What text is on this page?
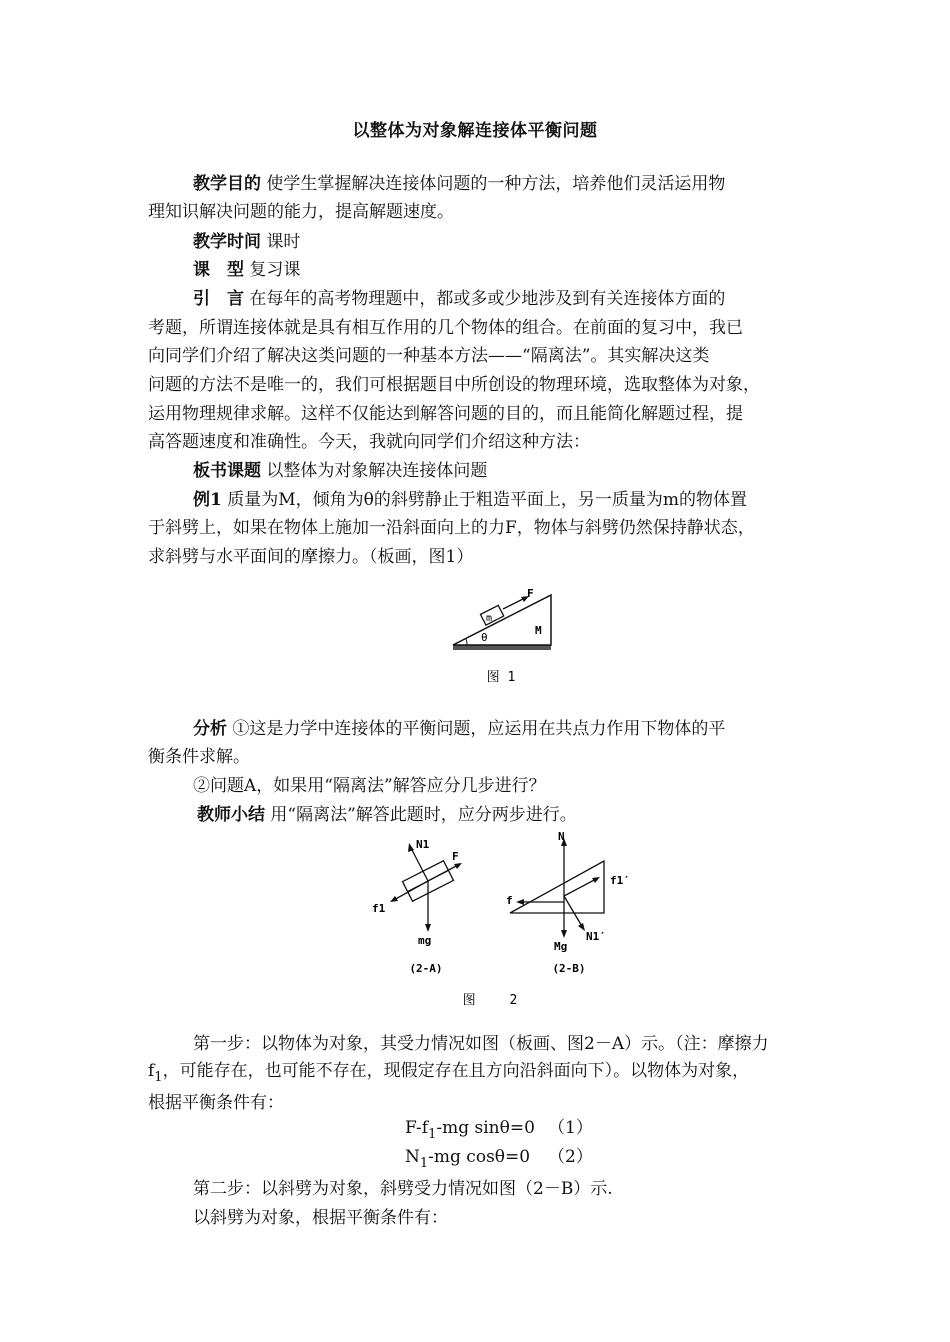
以整体为对象解连接体平衡问题
教学目的 使学生掌握解决连接体问题的一种方法，培养他们灵活运用物
理知识解决问题的能力，提高解题速度。
教学时间 课时
课　型 复习课
引　言 在每年的高考物理题中，都或多或少地涉及到有关连接体方面的
考题，所谓连接体就是具有相互作用的几个物体的组合。在前面的复习中，我已
向同学们介绍了解决这类问题的一种基本方法——“隔离法”。其实解决这类
问题的方法不是唯一的，我们可根据题目中所创设的物理环境，选取整体为对象，
运用物理规律求解。这样不仅能达到解答问题的目的，而且能简化解题过程，提
高答题速度和准确性。今天，我就向同学们介绍这种方法：
板书课题 以整体为对象解决连接体问题
例1 质量为M，倾角为θ的斜劈静止于粗造平面上，另一质量为m的物体置
于斜劈上，如果在物体上施加一沿斜面向上的力F，物体与斜劈仍然保持静状态，
求斜劈与水平面间的摩擦力。（板画，图1）
m
F
θ
M
图 1
分析 ①这是力学中连接体的平衡问题，应运用在共点力作用下物体的平
衡条件求解。
②问题A，如果用“隔离法”解答应分几步进行？
教师小结 用“隔离法”解答此题时，应分两步进行。
N1
F
f1
mg
(2-A)
N
f1′
f
Mg
N1′
(2-B)
图　　 2
第一步：以物体为对象，其受力情况如图（板画、图2－A）示。（注：摩擦力
$f_1$，可能存在，也可能不存在，现假定存在且方向沿斜面向下）。以物体为对象，
根据平衡条件有：
$F-f_1-mg$ sinθ=0 （1）
$N_1-mg$ cosθ=0 （2）
第二步：以斜劈为对象，斜劈受力情况如图（2－B）示.
以斜劈为对象，根据平衡条件有：
